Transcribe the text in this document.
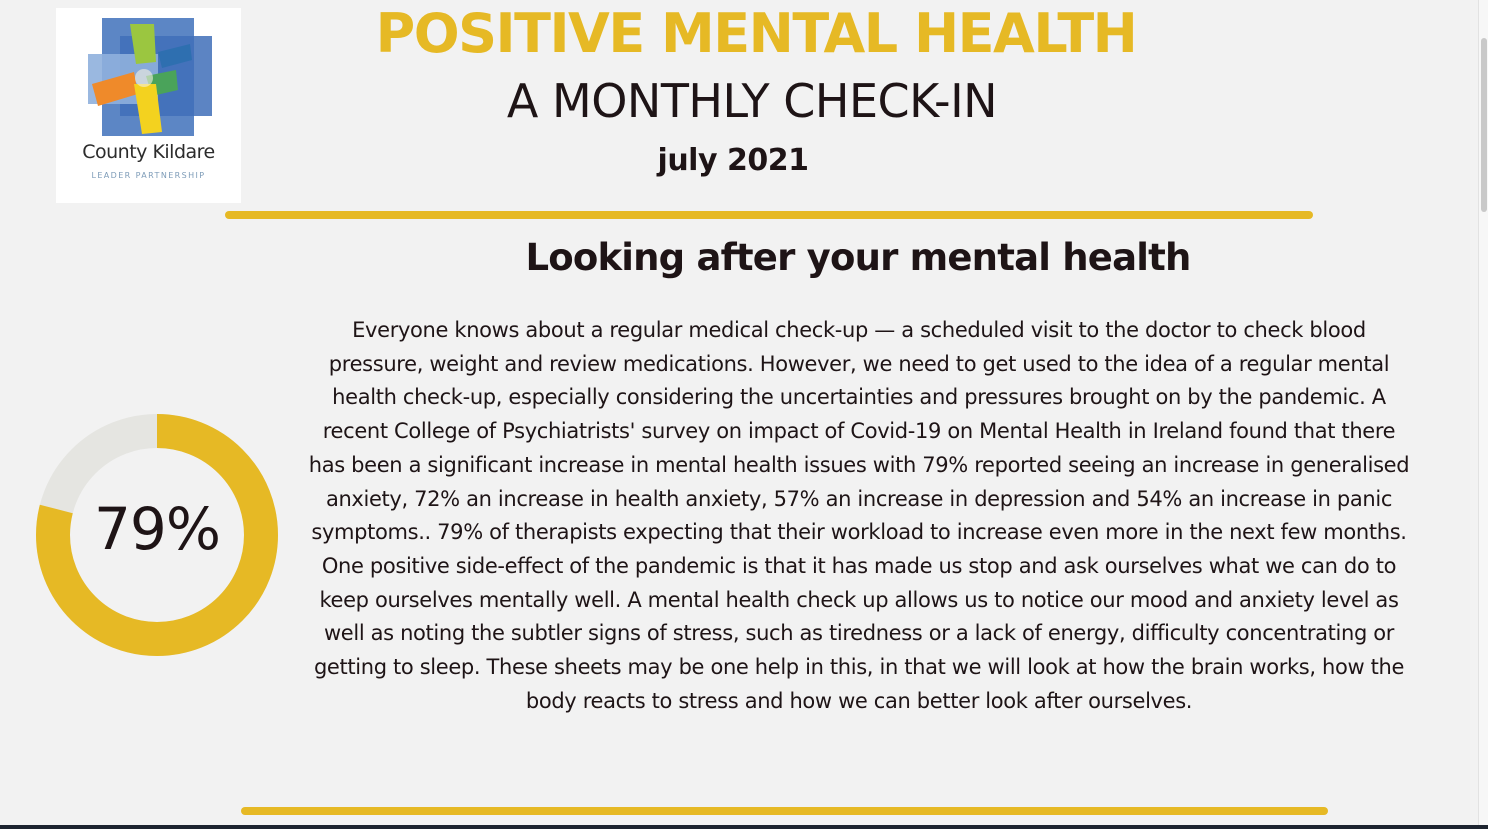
County Kildare
LEADER PARTNERSHIP
POSITIVE MENTAL HEALTH
A MONTHLY CHECK-IN
july 2021
Looking after your mental health

Everyone knows about a regular medical check-up — a scheduled visit to the doctor to check blood pressure, weight and review medications. However, we need to get used to the idea of a regular mental health check-up, especially considering the uncertainties and pressures brought on by the pandemic. A recent College of Psychiatrists' survey on impact of Covid-19 on Mental Health in Ireland found that there has been a significant increase in mental health issues with 79% reported seeing an increase in generalised anxiety, 72% an increase in health anxiety, 57% an increase in depression and 54% an increase in panic symptoms.. 79% of therapists expecting that their workload to increase even more in the next few months. One positive side-effect of the pandemic is that it has made us stop and ask ourselves what we can do to keep ourselves mentally well. A mental health check up allows us to notice our mood and anxiety level as well as noting the subtler signs of stress, such as tiredness or a lack of energy, difficulty concentrating or getting to sleep. These sheets may be one help in this, in that we will look at how the brain works, how the body reacts to stress and how we can better look after ourselves.

79%
